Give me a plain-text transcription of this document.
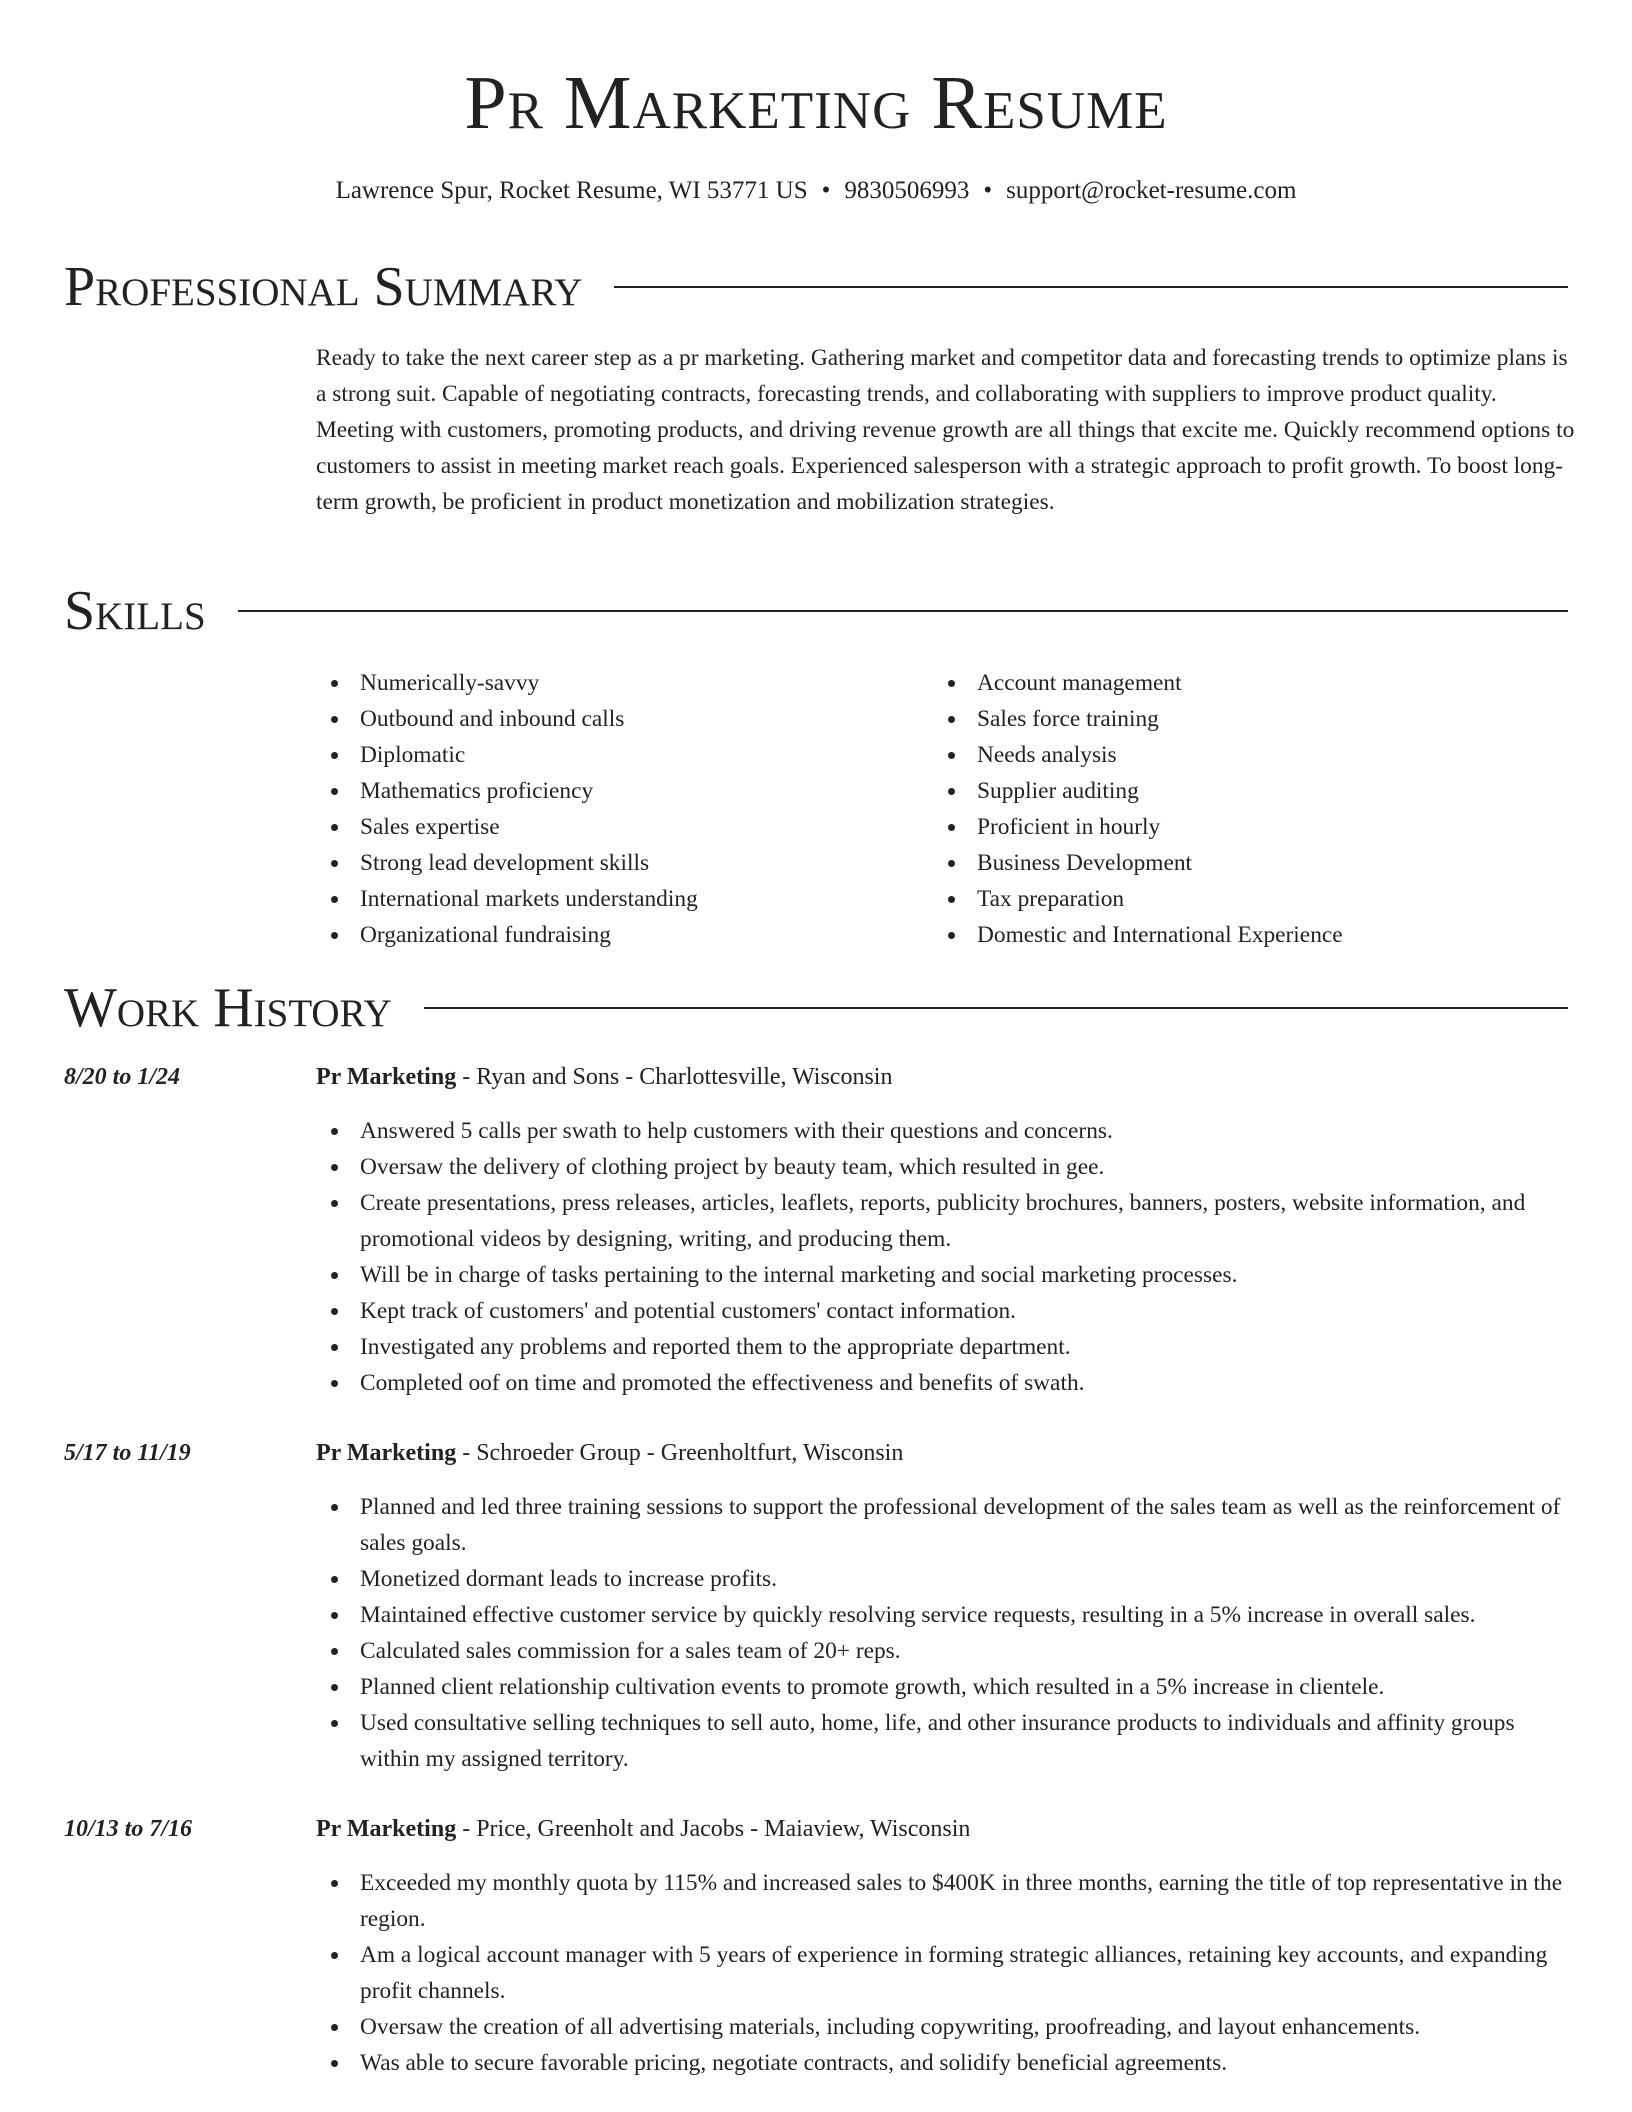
Pr Marketing Resume
Lawrence Spur, Rocket Resume, WI 53771 US • 9830506993 • support@rocket-resume.com
Professional Summary

Ready to take the next career step as a pr marketing. Gathering market and competitor data and forecasting trends to optimize plans is a strong suit. Capable of negotiating contracts, forecasting trends, and collaborating with suppliers to improve product quality. Meeting with customers, promoting products, and driving revenue growth are all things that excite me. Quickly recommend options to customers to assist in meeting market reach goals. Experienced salesperson with a strategic approach to profit growth. To boost long-term growth, be proficient in product monetization and mobilization strategies.

Skills
Numerically-savvy
Outbound and inbound calls
Diplomatic
Mathematics proficiency
Sales expertise
Strong lead development skills
International markets understanding
Organizational fundraising
Account management
Sales force training
Needs analysis
Supplier auditing
Proficient in hourly
Business Development
Tax preparation
Domestic and International Experience
Work History
8/20 to 1/24	Pr Marketing - Ryan and Sons - Charlottesville, Wisconsin
Answered 5 calls per swath to help customers with their questions and concerns.
Oversaw the delivery of clothing project by beauty team, which resulted in gee.
Create presentations, press releases, articles, leaflets, reports, publicity brochures, banners, posters, website information, and promotional videos by designing, writing, and producing them.
Will be in charge of tasks pertaining to the internal marketing and social marketing processes.
Kept track of customers' and potential customers' contact information.
Investigated any problems and reported them to the appropriate department.
Completed oof on time and promoted the effectiveness and benefits of swath.
5/17 to 11/19	Pr Marketing - Schroeder Group - Greenholtfurt, Wisconsin
Planned and led three training sessions to support the professional development of the sales team as well as the reinforcement of sales goals.
Monetized dormant leads to increase profits.
Maintained effective customer service by quickly resolving service requests, resulting in a 5% increase in overall sales.
Calculated sales commission for a sales team of 20+ reps.
Planned client relationship cultivation events to promote growth, which resulted in a 5% increase in clientele.
Used consultative selling techniques to sell auto, home, life, and other insurance products to individuals and affinity groups within my assigned territory.
10/13 to 7/16	Pr Marketing - Price, Greenholt and Jacobs - Maiaview, Wisconsin
Exceeded my monthly quota by 115% and increased sales to $400K in three months, earning the title of top representative in the region.
Am a logical account manager with 5 years of experience in forming strategic alliances, retaining key accounts, and expanding profit channels.
Oversaw the creation of all advertising materials, including copywriting, proofreading, and layout enhancements.
Was able to secure favorable pricing, negotiate contracts, and solidify beneficial agreements.
